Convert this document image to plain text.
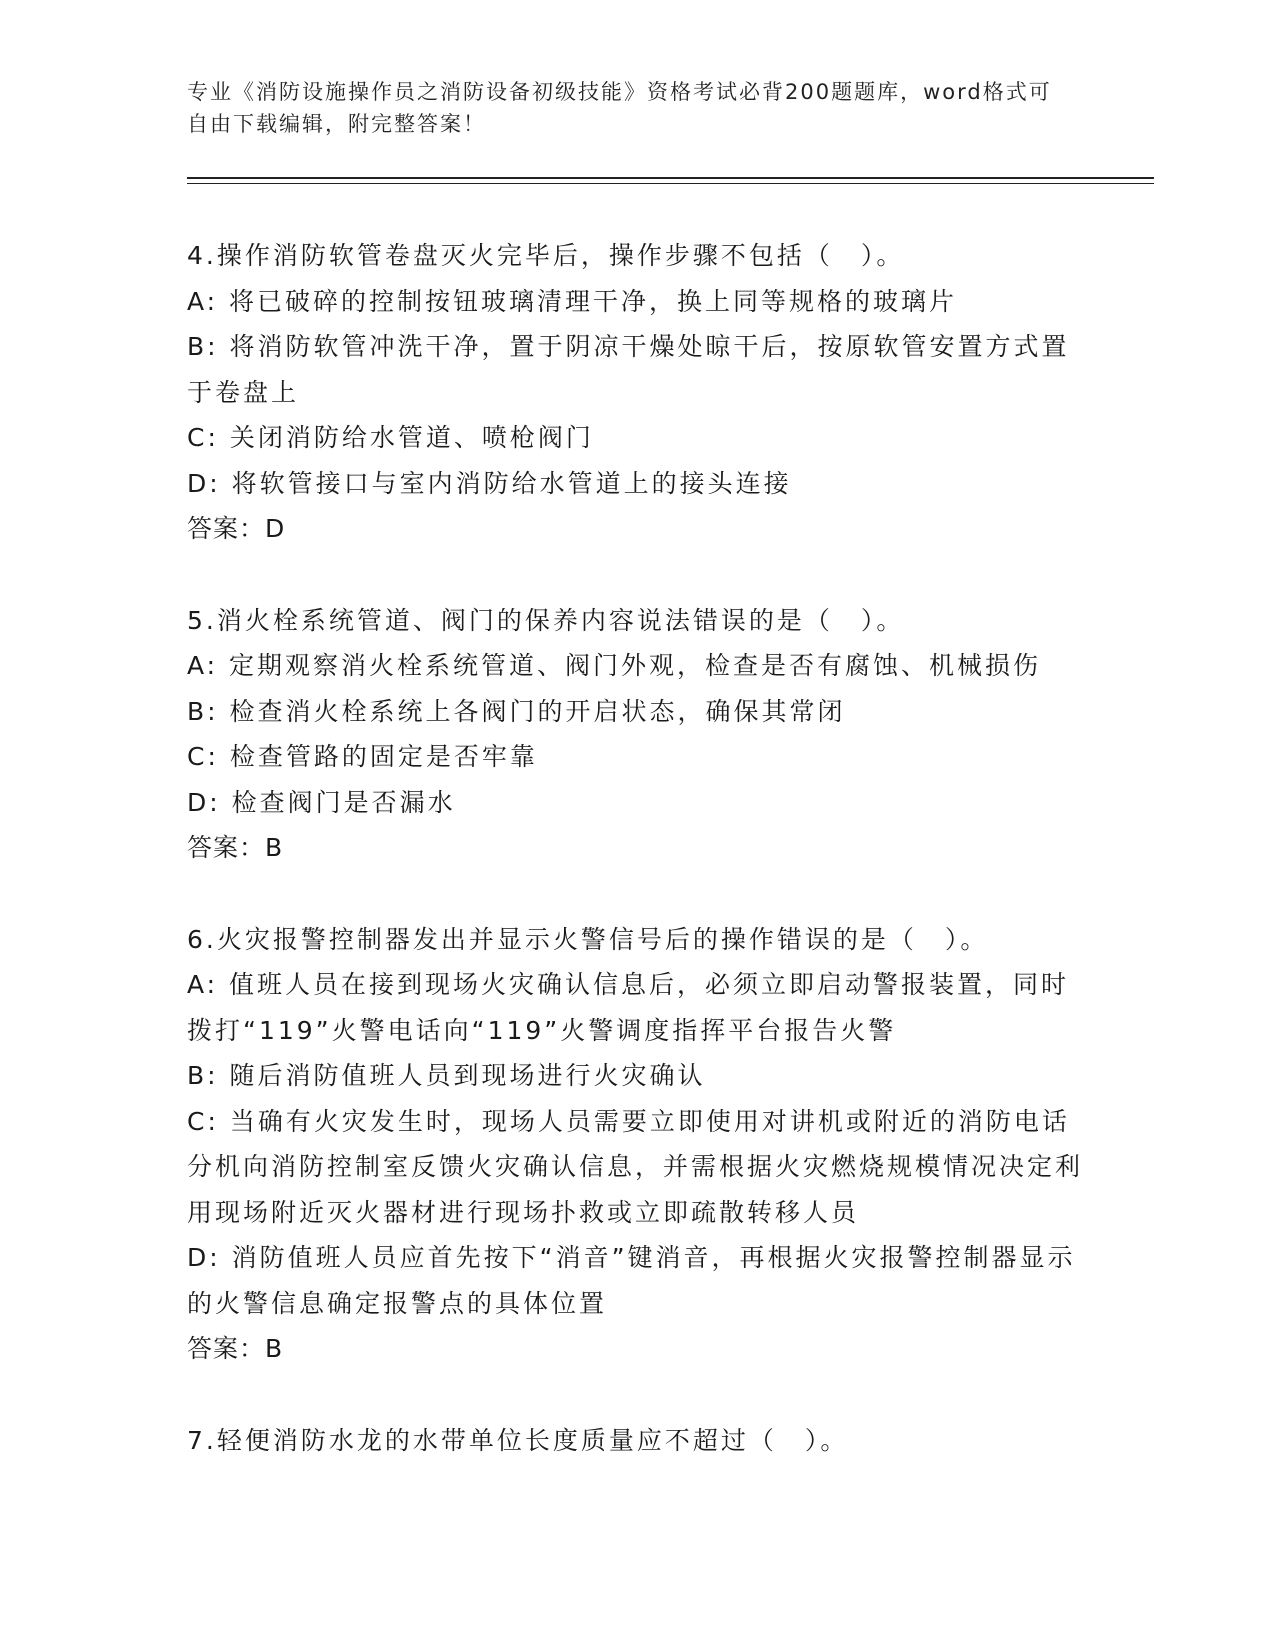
专业《消防设施操作员之消防设备初级技能》资格考试必背200题题库，word格式可自由下载编辑，附完整答案！
4.操作消防软管卷盘灭火完毕后，操作步骤不包括（　）。
A: 将已破碎的控制按钮玻璃清理干净，换上同等规格的玻璃片
B: 将消防软管冲洗干净，置于阴凉干燥处晾干后，按原软管安置方式置于卷盘上
C: 关闭消防给水管道、喷枪阀门
D: 将软管接口与室内消防给水管道上的接头连接
答案：D
5.消火栓系统管道、阀门的保养内容说法错误的是（　）。
A: 定期观察消火栓系统管道、阀门外观，检查是否有腐蚀、机械损伤
B: 检查消火栓系统上各阀门的开启状态，确保其常闭
C: 检查管路的固定是否牢靠
D: 检查阀门是否漏水
答案：B
6.火灾报警控制器发出并显示火警信号后的操作错误的是（　）。
A: 值班人员在接到现场火灾确认信息后，必须立即启动警报装置，同时拨打“119”火警电话向“119”火警调度指挥平台报告火警
B: 随后消防值班人员到现场进行火灾确认
C: 当确有火灾发生时，现场人员需要立即使用对讲机或附近的消防电话分机向消防控制室反馈火灾确认信息，并需根据火灾燃烧规模情况决定利用现场附近灭火器材进行现场扑救或立即疏散转移人员
D: 消防值班人员应首先按下“消音”键消音，再根据火灾报警控制器显示的火警信息确定报警点的具体位置
答案：B
7.轻便消防水龙的水带单位长度质量应不超过（　）。
